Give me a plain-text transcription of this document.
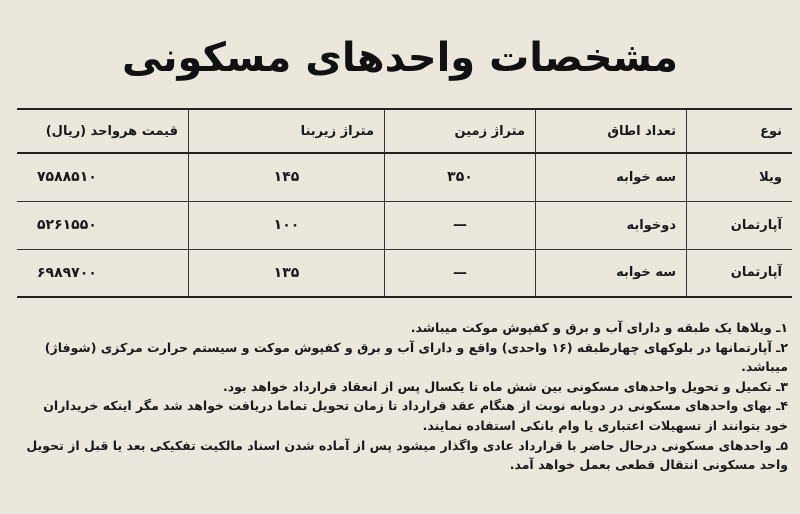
مشخصات واحدهای مسکونی
نوع	تعداد اطاق	متراژ زمین	متراژ زیربنا	قیمت هرواحد (ریال)
ویلا	سه خوابه	۳۵۰	۱۴۵	۷۵۸۸۵۱۰
آپارتمان	دوخوابه	—	۱۰۰	۵۲۶۱۵۵۰
آپارتمان	سه خوابه	—	۱۳۵	۶۹۸۹۷۰۰
۱ـ ویلاها یک طبقه و دارای آب و برق و کفپوش موکت میباشد.
۲ـ آپارتمانها در بلوکهای چهارطبقه (۱۶ واحدی) واقع و دارای آب و برق و کفپوش موکت و سیستم حرارت مرکزی (شوفاژ) میباشد.
۳ـ تکمیل و تحویل واحدهای مسکونی بین شش ماه تا یکسال پس از انعقاد قرارداد خواهد بود.
۴ـ بهای واحدهای مسکونی در دوبابه نوبت از هنگام عقد قرارداد تا زمان تحویل تماما دریافت خواهد شد مگر اینکه خریداران خود بتوانند از تسهیلات اعتباری یا وام بانکی استفاده نمایند.
۵ـ واحدهای مسکونی درحال حاضر با قرارداد عادی واگذار میشود پس از آماده شدن اسناد مالکیت تفکیکی بعد یا قبل از تحویل واحد مسکونی انتقال قطعی بعمل خواهد آمد.
